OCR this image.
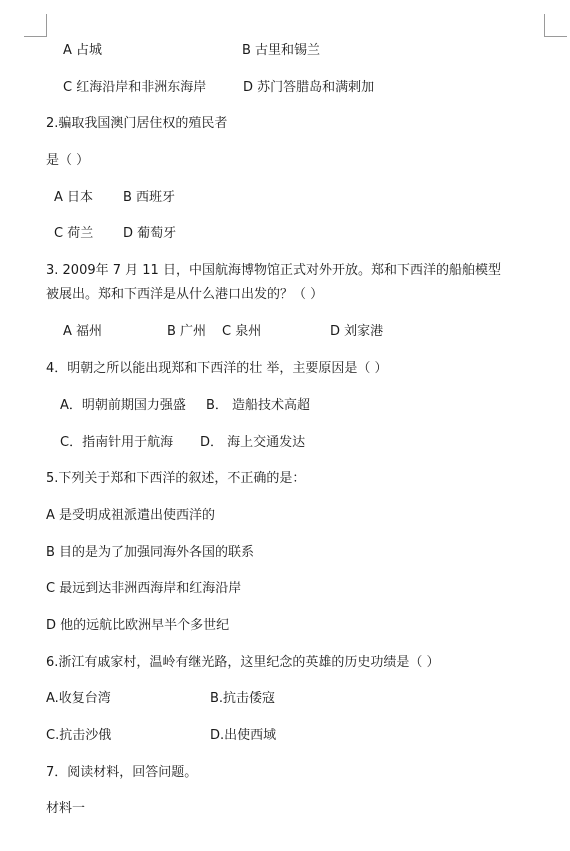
A 占城	B 古里和锡兰
C 红海沿岸和非洲东海岸	D 苏门答腊岛和满剌加
2.骗取我国澳门居住权的殖民者
是（ ）
A 日本 B 西班牙
C 荷兰 D 葡萄牙
3. 2009年 7 月 11 日，中国航海博物馆正式对外开放。郑和下西洋的船舶模型
被展出。郑和下西洋是从什么港口出发的？（ ）
A 福州	B 广州 C 泉州	D 刘家港
4．明朝之所以能出现郑和下西洋的壮 举，主要原因是（ ）
A．明朝前期国力强盛 B． 造船技术高超
C．指南针用于航海 D． 海上交通发达
5.下列关于郑和下西洋的叙述，不正确的是：
A 是受明成祖派遣出使西洋的
B 目的是为了加强同海外各国的联系
C 最远到达非洲西海岸和红海沿岸
D 他的远航比欧洲早半个多世纪
6.浙江有戚家村，温岭有继光路，这里纪念的英雄的历史功绩是（ ）
A.收复台湾	B.抗击倭寇
C.抗击沙俄	D.出使西域
7．阅读材料，回答问题。
材料一
